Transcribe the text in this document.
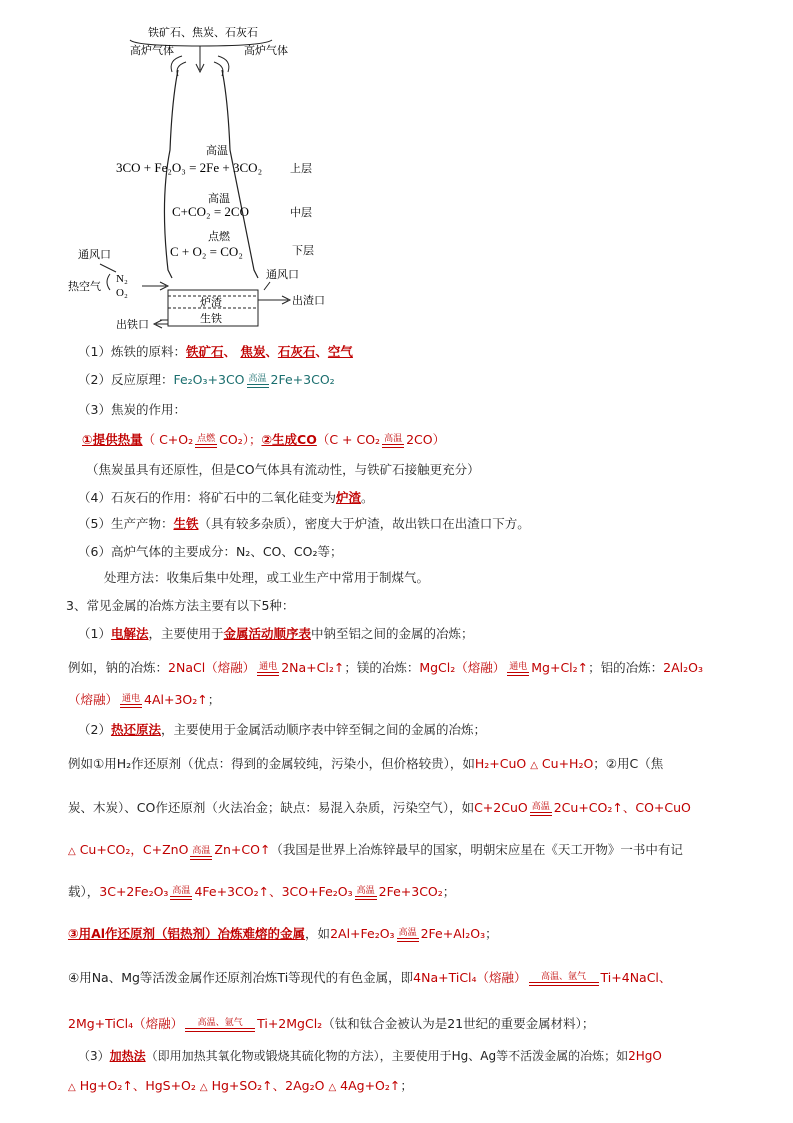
铁矿石、焦炭、石灰石
高炉气体	高炉气体
高温
3CO + Fe₂O₃ = 2Fe + 3CO₂	上层
高温
C+CO₂ = 2CO	中层
点燃
C + O₂ = CO₂	下层
通风口
通风口
热空气
N₂
O₂
炉渣
生铁
出渣口
出铁口
（1）炼铁的原料：铁矿石、 焦炭、石灰石、空气
（2）反应原理：Fe₂O₃+3CO 高温 2Fe+3CO₂
（3）焦炭的作用：
①提供热量（ C+O₂ 点燃 CO₂）；②生成CO（C + CO₂ 高温 2CO）
（焦炭虽具有还原性，但是CO气体具有流动性，与铁矿石接触更充分）
（4）石灰石的作用：将矿石中的二氧化硅变为炉渣。
（5）生产产物：生铁（具有较多杂质），密度大于炉渣，故出铁口在出渣口下方。
（6）高炉气体的主要成分：N₂、CO、CO₂等；
处理方法：收集后集中处理，或工业生产中常用于制煤气。
3、常见金属的冶炼方法主要有以下5种：
（1）电解法，主要使用于金属活动顺序表中钠至铝之间的金属的冶炼；
例如，钠的冶炼：2NaCl（熔融） 通电 2Na+Cl₂↑；镁的冶炼：MgCl₂（熔融） 通电 Mg+Cl₂↑；铝的冶炼：2Al₂O₃
（熔融） 通电 4Al+3O₂↑；
（2）热还原法，主要使用于金属活动顺序表中锌至铜之间的金属的冶炼；
例如①用H₂作还原剂（优点：得到的金属较纯，污染小，但价格较贵），如H₂+CuO △ Cu+H₂O；②用C（焦
炭、木炭）、CO作还原剂（火法冶金；缺点：易混入杂质，污染空气），如C+2CuO 高温 2Cu+CO₂↑、CO+CuO
△ Cu+CO₂，C+ZnO 高温 Zn+CO↑（我国是世界上冶炼锌最早的国家，明朝宋应星在《天工开物》一书中有记
载），3C+2Fe₂O₃ 高温 4Fe+3CO₂↑、3CO+Fe₂O₃ 高温 2Fe+3CO₂；
③用Al作还原剂（铝热剂）冶炼难熔的金属，如2Al+Fe₂O₃ 高温 2Fe+Al₂O₃；
④用Na、Mg等活泼金属作还原剂冶炼Ti等现代的有色金属，即4Na+TiCl₄（熔融）	高温、氩气	Ti+4NaCl、
2Mg+TiCl₄（熔融）	高温、氩气	Ti+2MgCl₂（钛和钛合金被认为是21世纪的重要金属材料）；
（3）加热法（即用加热其氧化物或锻烧其硫化物的方法），主要使用于Hg、Ag等不活泼金属的冶炼；如2HgO
△ Hg+O₂↑、HgS+O₂ △ Hg+SO₂↑、2Ag₂O △ 4Ag+O₂↑；
